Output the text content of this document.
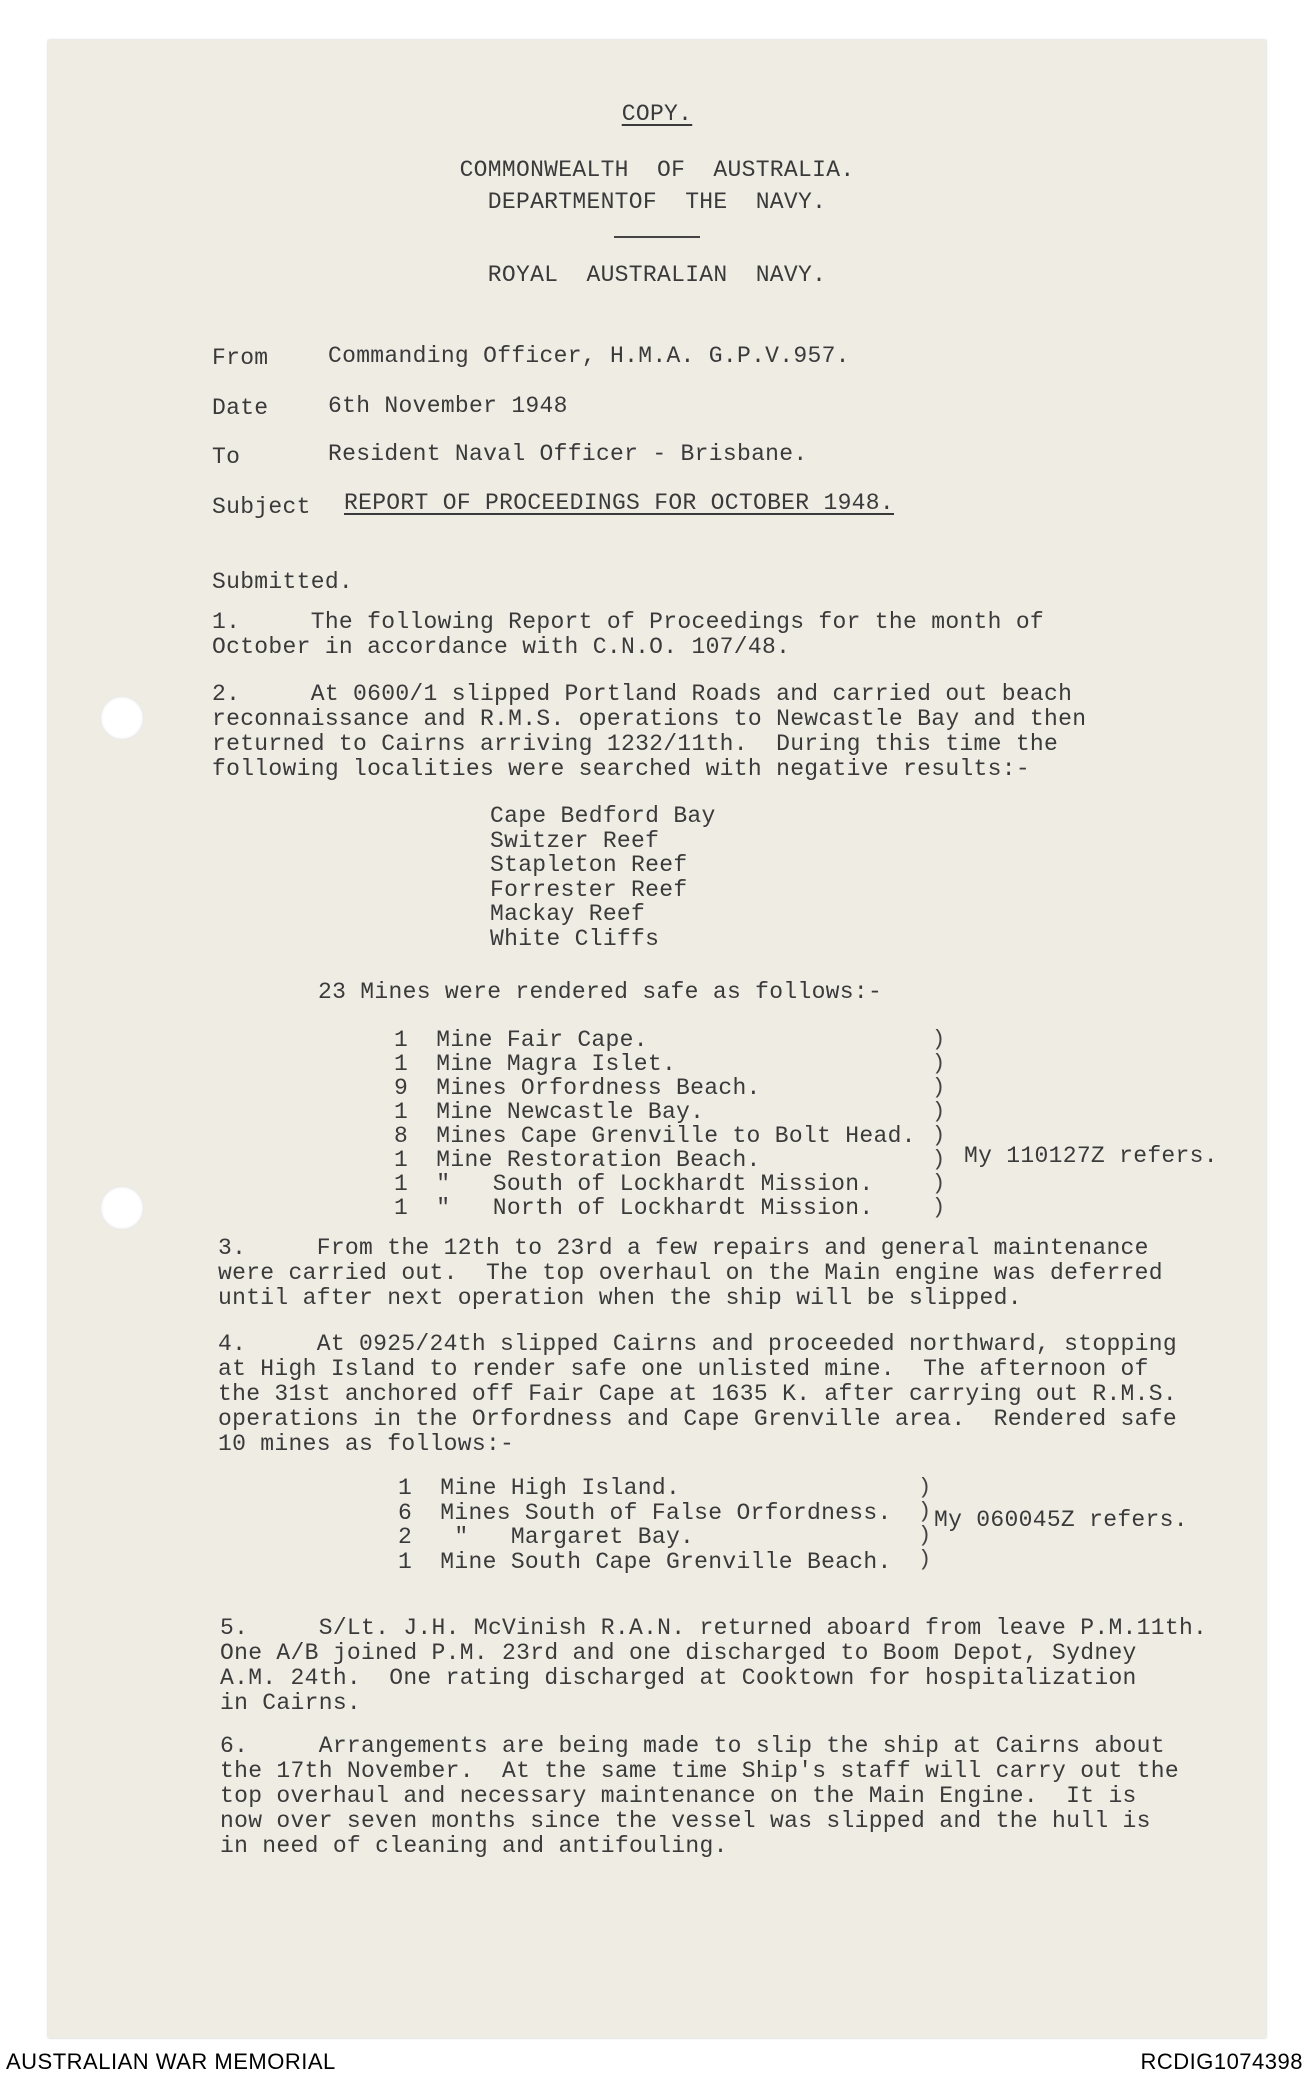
COPY.
COMMONWEALTH  OF  AUSTRALIA.
DEPARTMENTOF  THE  NAVY.
ROYAL  AUSTRALIAN  NAVY.
From	Commanding Officer, H.M.A. G.P.V.957.
Date	6th November 1948
To	Resident Naval Officer - Brisbane.
Subject REPORT OF PROCEEDINGS FOR OCTOBER 1948.
Submitted.
1.     The following Report of Proceedings for the month of
October in accordance with C.N.O. 107/48.
2.     At 0600/1 slipped Portland Roads and carried out beach
reconnaissance and R.M.S. operations to Newcastle Bay and then
returned to Cairns arriving 1232/11th.  During this time the
following localities were searched with negative results:-
Cape Bedford Bay
Switzer Reef
Stapleton Reef
Forrester Reef
Mackay Reef
White Cliffs
23 Mines were rendered safe as follows:-
1  Mine Fair Cape.
1  Mine Magra Islet.
9  Mines Orfordness Beach.
1  Mine Newcastle Bay.
8  Mines Cape Grenville to Bolt Head.
1  Mine Restoration Beach.
1  "   South of Lockhardt Mission.
1  "   North of Lockhardt Mission.
)
)
)
)
)
)
)
)
My 110127Z refers.
3.     From the 12th to 23rd a few repairs and general maintenance
were carried out.  The top overhaul on the Main engine was deferred
until after next operation when the ship will be slipped.
4.     At 0925/24th slipped Cairns and proceeded northward, stopping
at High Island to render safe one unlisted mine.  The afternoon of
the 31st anchored off Fair Cape at 1635 K. after carrying out R.M.S.
operations in the Orfordness and Cape Grenville area.  Rendered safe
10 mines as follows:-
1  Mine High Island.
6  Mines South of False Orfordness.
2   "   Margaret Bay.
1  Mine South Cape Grenville Beach.
)
)
)
)
My 060045Z refers.
5.     S/Lt. J.H. McVinish R.A.N. returned aboard from leave P.M.11th.
One A/B joined P.M. 23rd and one discharged to Boom Depot, Sydney
A.M. 24th.  One rating discharged at Cooktown for hospitalization
in Cairns.
6.     Arrangements are being made to slip the ship at Cairns about
the 17th November.  At the same time Ship's staff will carry out the
top overhaul and necessary maintenance on the Main Engine.  It is
now over seven months since the vessel was slipped and the hull is
in need of cleaning and antifouling.
AUSTRALIAN WAR MEMORIAL	RCDIG1074398
